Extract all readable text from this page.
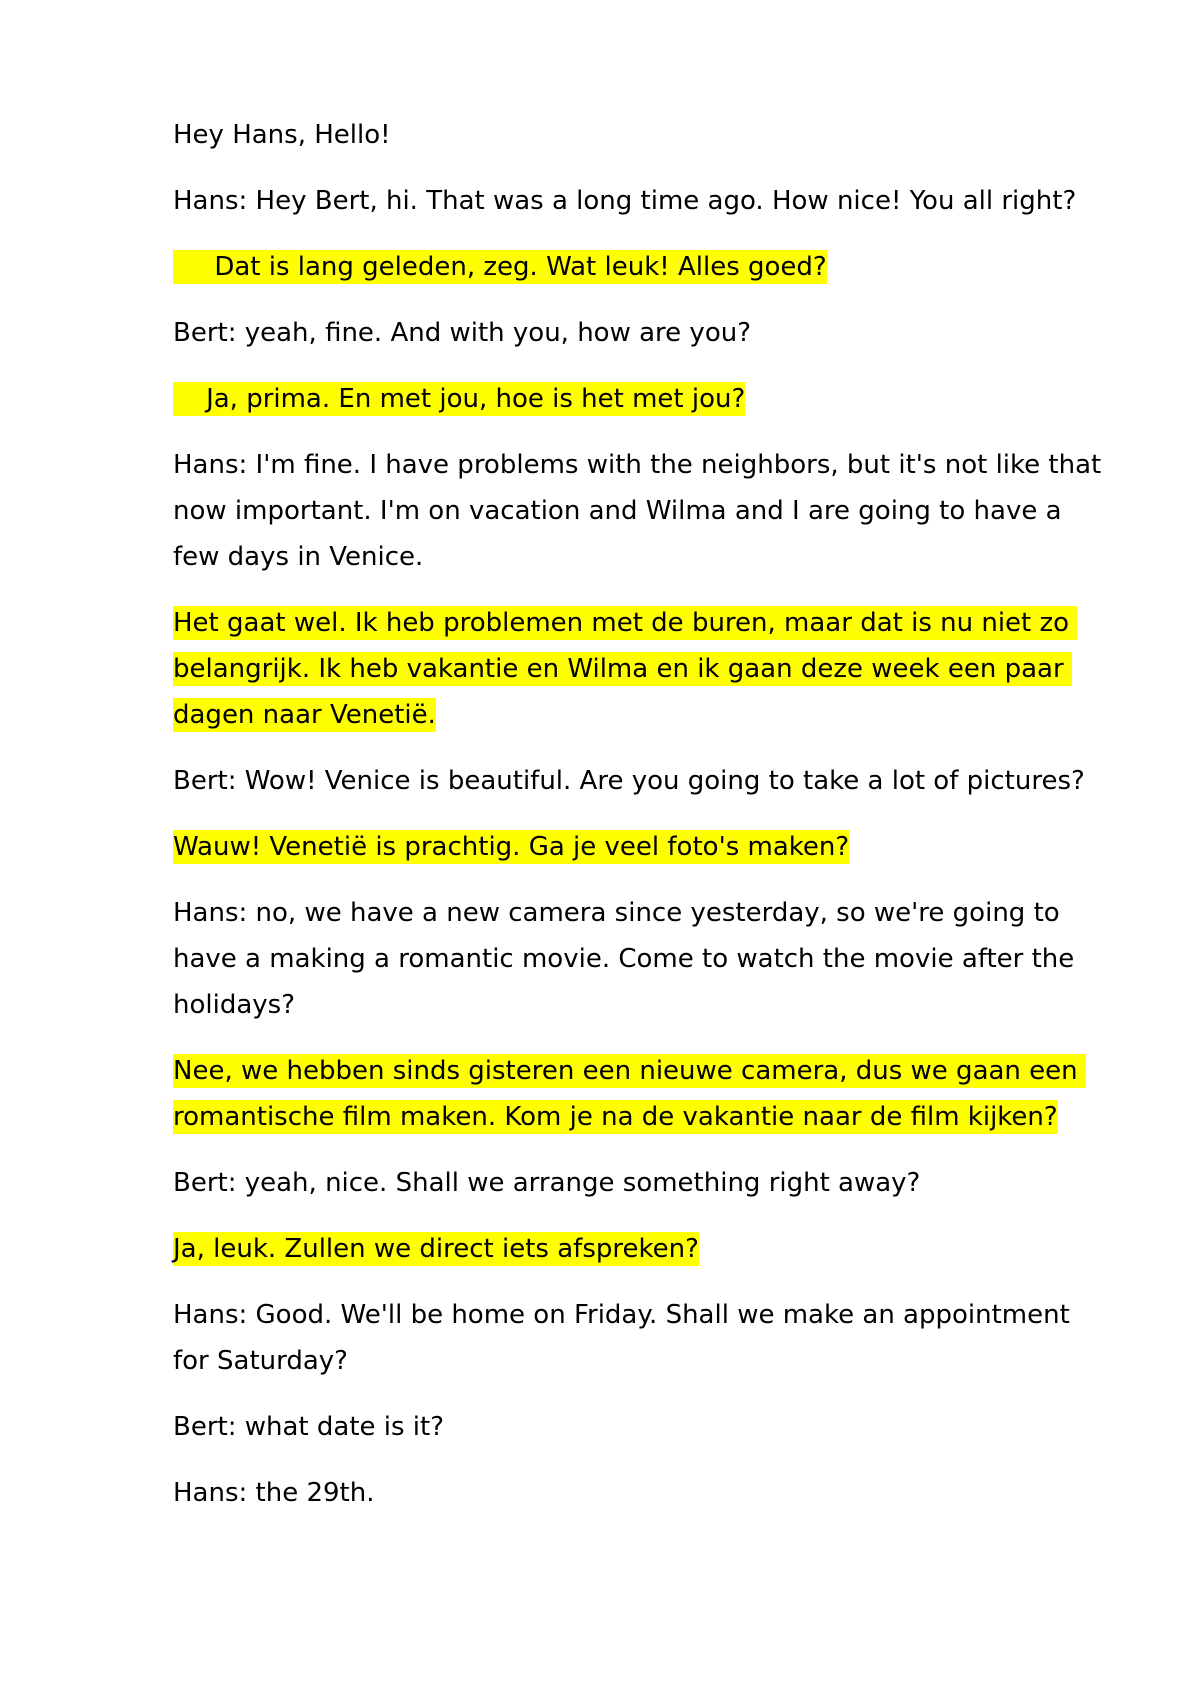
Hey Hans, Hello!

Hans: Hey Bert, hi. That was a long time ago. How nice! You all right?

Dat is lang geleden, zeg. Wat leuk! Alles goed?

Bert: yeah, fine. And with you, how are you?

Ja, prima. En met jou, hoe is het met jou?

Hans: I'm fine. I have problems with the neighbors, but it's not like that now important. I'm on vacation and Wilma and I are going to have a few days in Venice.

Het gaat wel. Ik heb problemen met de buren, maar dat is nu niet zo belangrijk. Ik heb vakantie en Wilma en ik gaan deze week een paar dagen naar Venetië.

Bert: Wow! Venice is beautiful. Are you going to take a lot of pictures?

Wauw! Venetië is prachtig. Ga je veel foto's maken?

Hans: no, we have a new camera since yesterday, so we're going to have a making a romantic movie. Come to watch the movie after the holidays?

Nee, we hebben sinds gisteren een nieuwe camera, dus we gaan een romantische film maken. Kom je na de vakantie naar de film kijken?

Bert: yeah, nice. Shall we arrange something right away?

Ja, leuk. Zullen we direct iets afspreken?

Hans: Good. We'll be home on Friday. Shall we make an appointment for Saturday?

Bert: what date is it?

Hans: the 29th.
